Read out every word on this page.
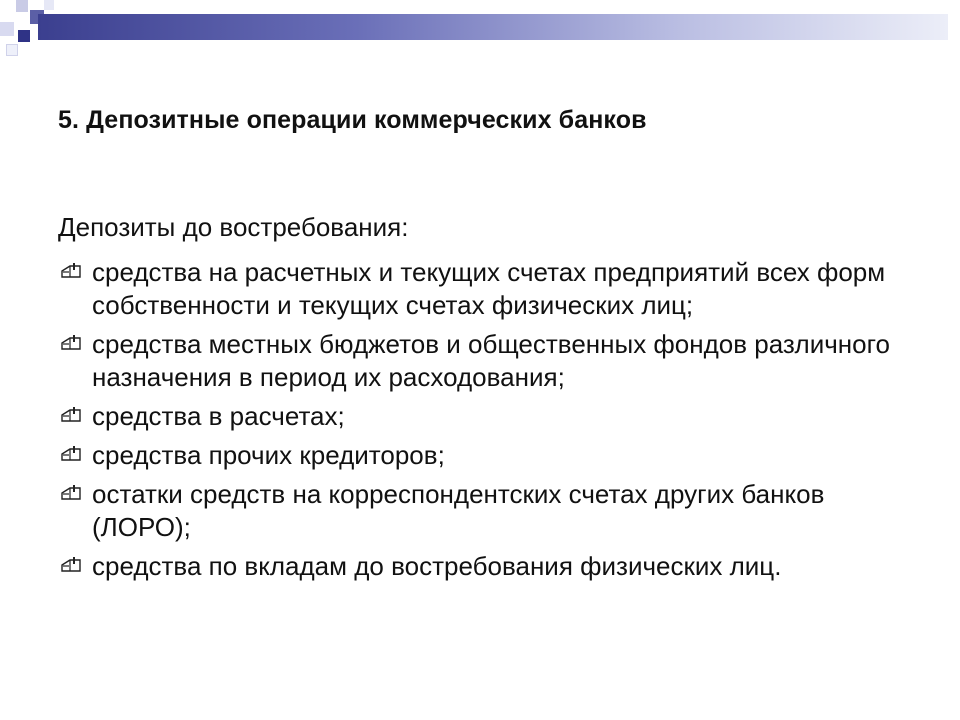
5. Депозитные операции коммерческих банков
Депозиты до востребования:
средства на расчетных и текущих счетах предприятий всех форм собственности и текущих счетах физических лиц;
средства местных бюджетов и общественных фондов различного назначения в период их расходования;
средства в расчетах;
средства прочих кредиторов;
остатки средств на корреспондентских счетах других банков (ЛОРО);
средства по вкладам до востребования физических лиц.
